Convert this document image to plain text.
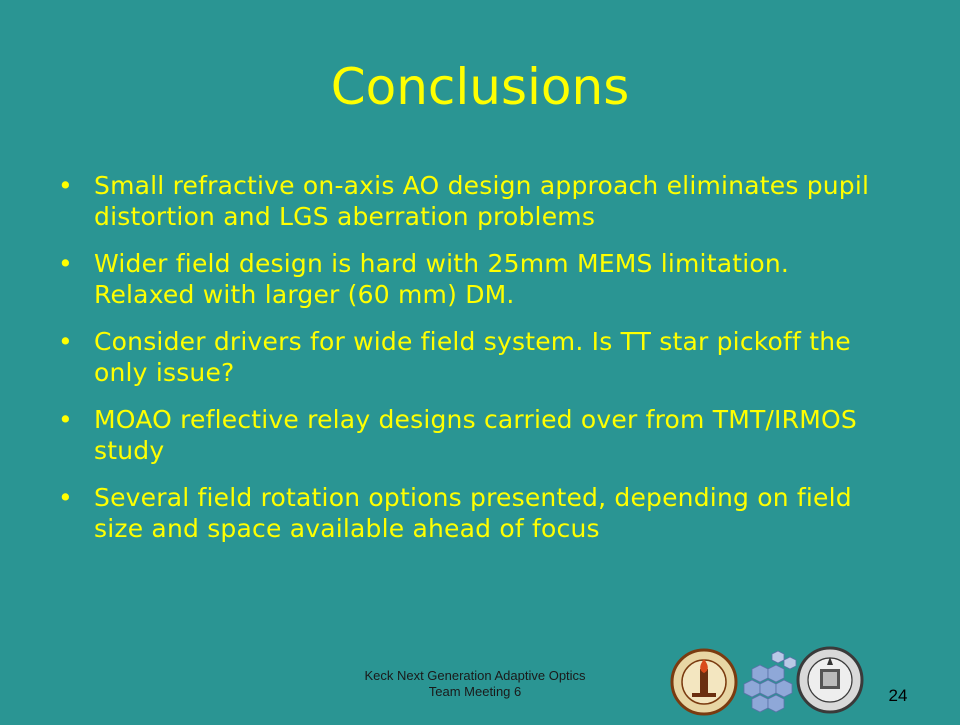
Conclusions
• Small refractive on-axis AO design approach eliminates pupil distortion and LGS aberration problems
• Wider field design is hard with 25mm MEMS limitation. Relaxed with larger (60 mm) DM.
• Consider drivers for wide field system. Is TT star pickoff the only issue?
• MOAO reflective relay designs carried over from TMT/IRMOS study
• Several field rotation options presented, depending on field size and space available ahead of focus
Keck Next Generation Adaptive Optics
Team Meeting 6	24
